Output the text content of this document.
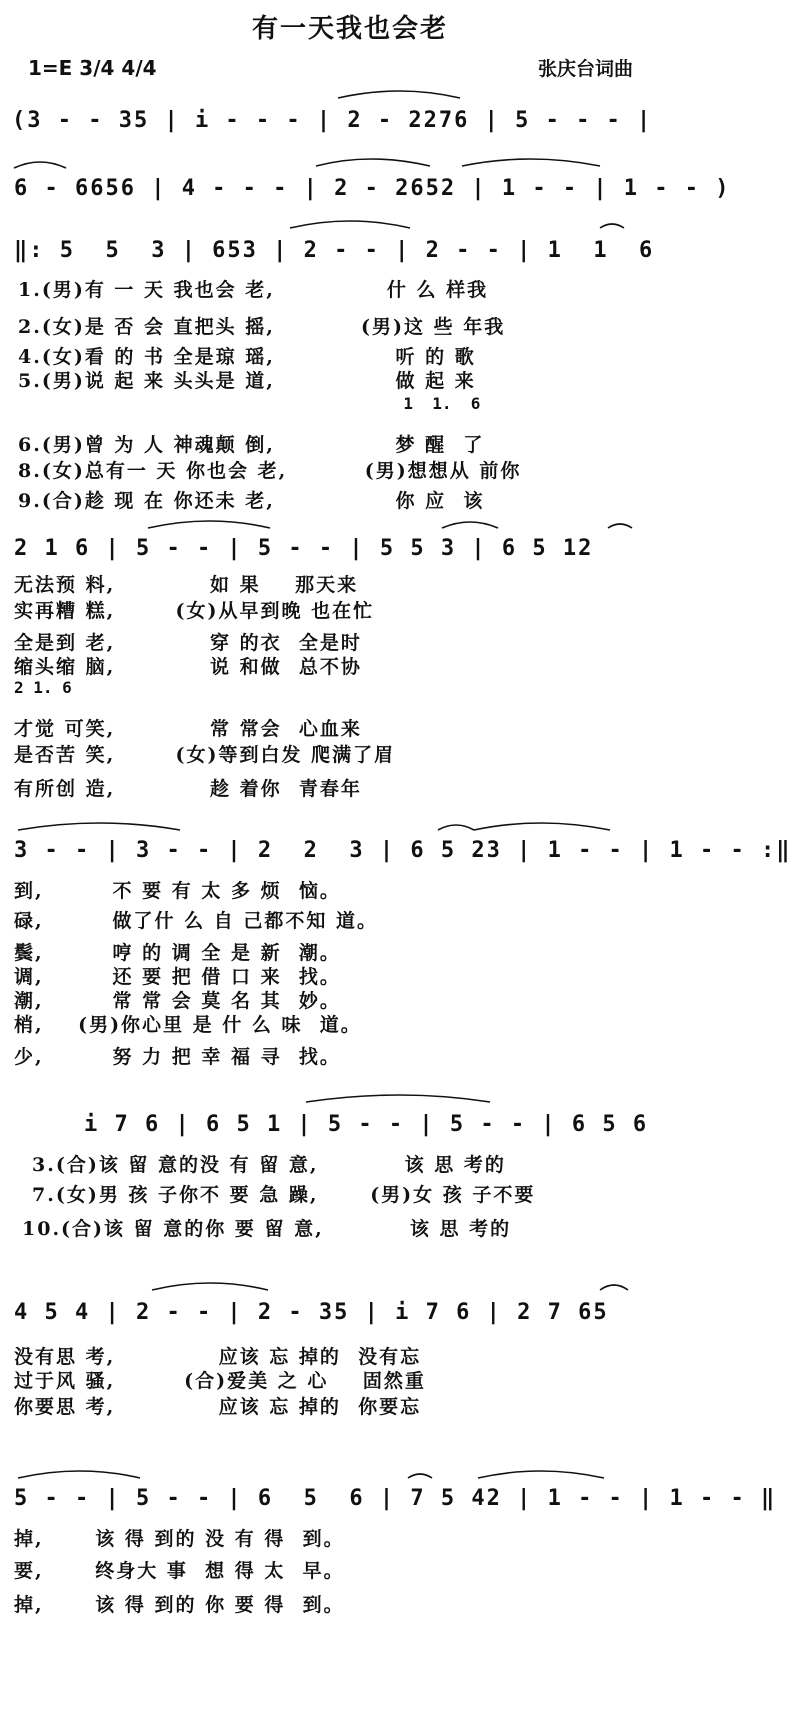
有一天我也会老
1=E 3/4 4/4	张庆台词曲
(3 - - 35 | i - - - | 2 - 2276 | 5 - - - |
6 - 6656 | 4 - - - | 2 - 2652 | 1 - - | 1 - - )
‖: 5  5  3 | 653 | 2 - - | 2 - - | 1  1  6
1.(男)有 一 天 我也会 老,             什 么 样我
2.(女)是 否 会 直把头 摇,          (男)这 些 年我
4.(女)看 的 书 全是琼 瑶,              听 的 歌
5.(男)说 起 来 头头是 道,              做 起 来
1  1.  6
6.(男)曾 为 人 神魂颠 倒,              梦 醒  了
8.(女)总有一 天 你也会 老,         (男)想想从 前你
9.(合)趁 现 在 你还未 老,              你 应  该
2 1 6 | 5 - - | 5 - - | 5 5 3 | 6 5 12
无法预 料,           如 果    那天来
实再糟 糕,       (女)从早到晚 也在忙
全是到 老,           穿 的衣  全是时
缩头缩 脑,           说 和做  总不协
2 1. 6
才觉 可笑,           常 常会  心血来
是否苦 笑,       (女)等到白发 爬满了眉
有所创 造,           趁 着你  青春年
3 - - | 3 - - | 2  2  3 | 6 5 23 | 1 - - | 1 - - :‖
到,        不 要 有 太 多 烦  恼。
碌,        做了什 么 自 己都不知 道。
鬓,        哼 的 调 全 是 新  潮。
调,        还 要 把 借 口 来  找。
潮,        常 常 会 莫 名 其  妙。
梢,    (男)你心里 是 什 么 味  道。
少,        努 力 把 幸 福 寻  找。
i 7 6 | 6 5 1 | 5 - - | 5 - - | 6 5 6
3.(合)该 留 意的没 有 留 意,          该 思 考的
7.(女)男 孩 子你不 要 急 躁,      (男)女 孩 子不要
10.(合)该 留 意的你 要 留 意,          该 思 考的
4 5 4 | 2 - - | 2 - 35 | i 7 6 | 2 7 65
没有思 考,            应该 忘 掉的  没有忘
过于风 骚,        (合)爱美 之 心    固然重
你要思 考,            应该 忘 掉的  你要忘
5 - - | 5 - - | 6  5  6 | 7 5 42 | 1 - - | 1 - - ‖
掉,      该 得 到的 没 有 得  到。
要,      终身大 事  想 得 太  早。
掉,      该 得 到的 你 要 得  到。
